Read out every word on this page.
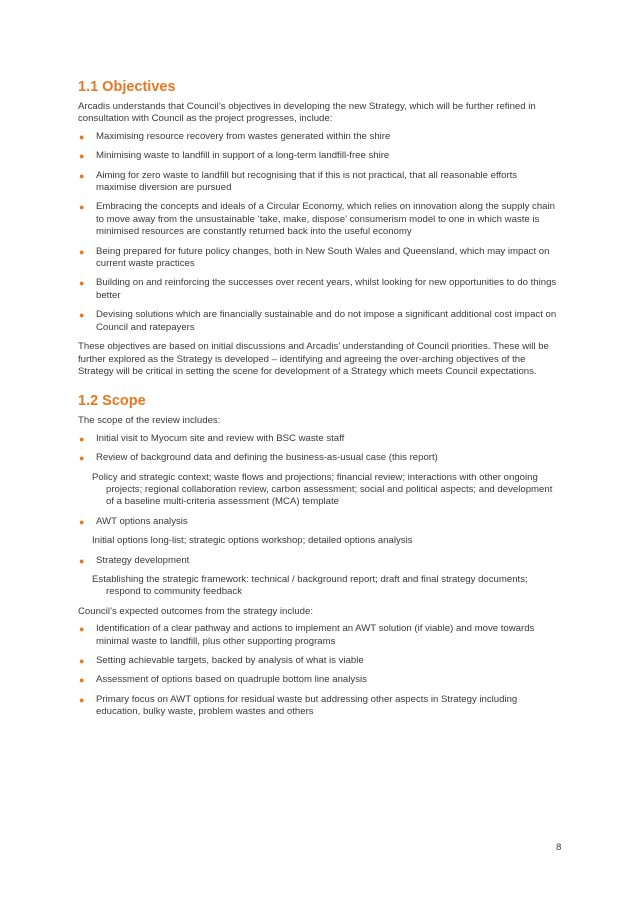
1.1 Objectives

Arcadis understands that Council’s objectives in developing the new Strategy, which will be further refined in consultation with Council as the project progresses, include:

● Maximising resource recovery from wastes generated within the shire
● Minimising waste to landfill in support of a long-term landfill-free shire
● Aiming for zero waste to landfill but recognising that if this is not practical, that all reasonable efforts maximise diversion are pursued
● Embracing the concepts and ideals of a Circular Economy, which relies on innovation along the supply chain to move away from the unsustainable ‘take, make, dispose’ consumerism model to one in which waste is minimised resources are constantly returned back into the useful economy
● Being prepared for future policy changes, both in New South Wales and Queensland, which may impact on current waste practices
● Building on and reinforcing the successes over recent years, whilst looking for new opportunities to do things better
● Devising solutions which are financially sustainable and do not impose a significant additional cost impact on Council and ratepayers

These objectives are based on initial discussions and Arcadis’ understanding of Council priorities. These will be further explored as the Strategy is developed – identifying and agreeing the over-arching objectives of the Strategy will be critical in setting the scene for development of a Strategy which meets Council expectations.

1.2 Scope

The scope of the review includes:

● Initial visit to Myocum site and review with BSC waste staff
● Review of background data and defining the business-as-usual case (this report)
Policy and strategic context; waste flows and projections; financial review; interactions with other ongoing projects; regional collaboration review, carbon assessment; social and political aspects; and development of a baseline multi-criteria assessment (MCA) template
● AWT options analysis
Initial options long-list; strategic options workshop; detailed options analysis
● Strategy development
Establishing the strategic framework: technical / background report; draft and final strategy documents; respond to community feedback

Council’s expected outcomes from the strategy include:

● Identification of a clear pathway and actions to implement an AWT solution (if viable) and move towards minimal waste to landfill, plus other supporting programs
● Setting achievable targets, backed by analysis of what is viable
● Assessment of options based on quadruple bottom line analysis
● Primary focus on AWT options for residual waste but addressing other aspects in Strategy including education, bulky waste, problem wastes and others
8
